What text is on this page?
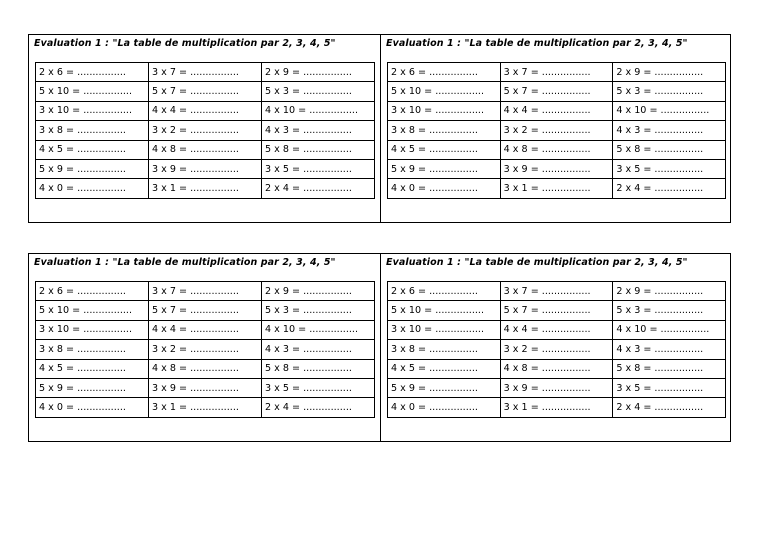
Evaluation 1 : "La table de multiplication par 2, 3, 4, 5"
2 x 6 = ................	3 x 7 = ................	2 x 9 = ................
5 x 10 = ................	5 x 7 = ................	5 x 3 = ................
3 x 10 = ................	4 x 4 = ................	4 x 10 = ................
3 x 8 = ................	3 x 2 = ................	4 x 3 = ................
4 x 5 = ................	4 x 8 = ................	5 x 8 = ................
5 x 9 = ................	3 x 9 = ................	3 x 5 = ................
4 x 0 = ................	3 x 1 = ................	2 x 4 = ................
Evaluation 1 : "La table de multiplication par 2, 3, 4, 5"
2 x 6 = ................	3 x 7 = ................	2 x 9 = ................
5 x 10 = ................	5 x 7 = ................	5 x 3 = ................
3 x 10 = ................	4 x 4 = ................	4 x 10 = ................
3 x 8 = ................	3 x 2 = ................	4 x 3 = ................
4 x 5 = ................	4 x 8 = ................	5 x 8 = ................
5 x 9 = ................	3 x 9 = ................	3 x 5 = ................
4 x 0 = ................	3 x 1 = ................	2 x 4 = ................
Evaluation 1 : "La table de multiplication par 2, 3, 4, 5"
2 x 6 = ................	3 x 7 = ................	2 x 9 = ................
5 x 10 = ................	5 x 7 = ................	5 x 3 = ................
3 x 10 = ................	4 x 4 = ................	4 x 10 = ................
3 x 8 = ................	3 x 2 = ................	4 x 3 = ................
4 x 5 = ................	4 x 8 = ................	5 x 8 = ................
5 x 9 = ................	3 x 9 = ................	3 x 5 = ................
4 x 0 = ................	3 x 1 = ................	2 x 4 = ................
Evaluation 1 : "La table de multiplication par 2, 3, 4, 5"
2 x 6 = ................	3 x 7 = ................	2 x 9 = ................
5 x 10 = ................	5 x 7 = ................	5 x 3 = ................
3 x 10 = ................	4 x 4 = ................	4 x 10 = ................
3 x 8 = ................	3 x 2 = ................	4 x 3 = ................
4 x 5 = ................	4 x 8 = ................	5 x 8 = ................
5 x 9 = ................	3 x 9 = ................	3 x 5 = ................
4 x 0 = ................	3 x 1 = ................	2 x 4 = ................
